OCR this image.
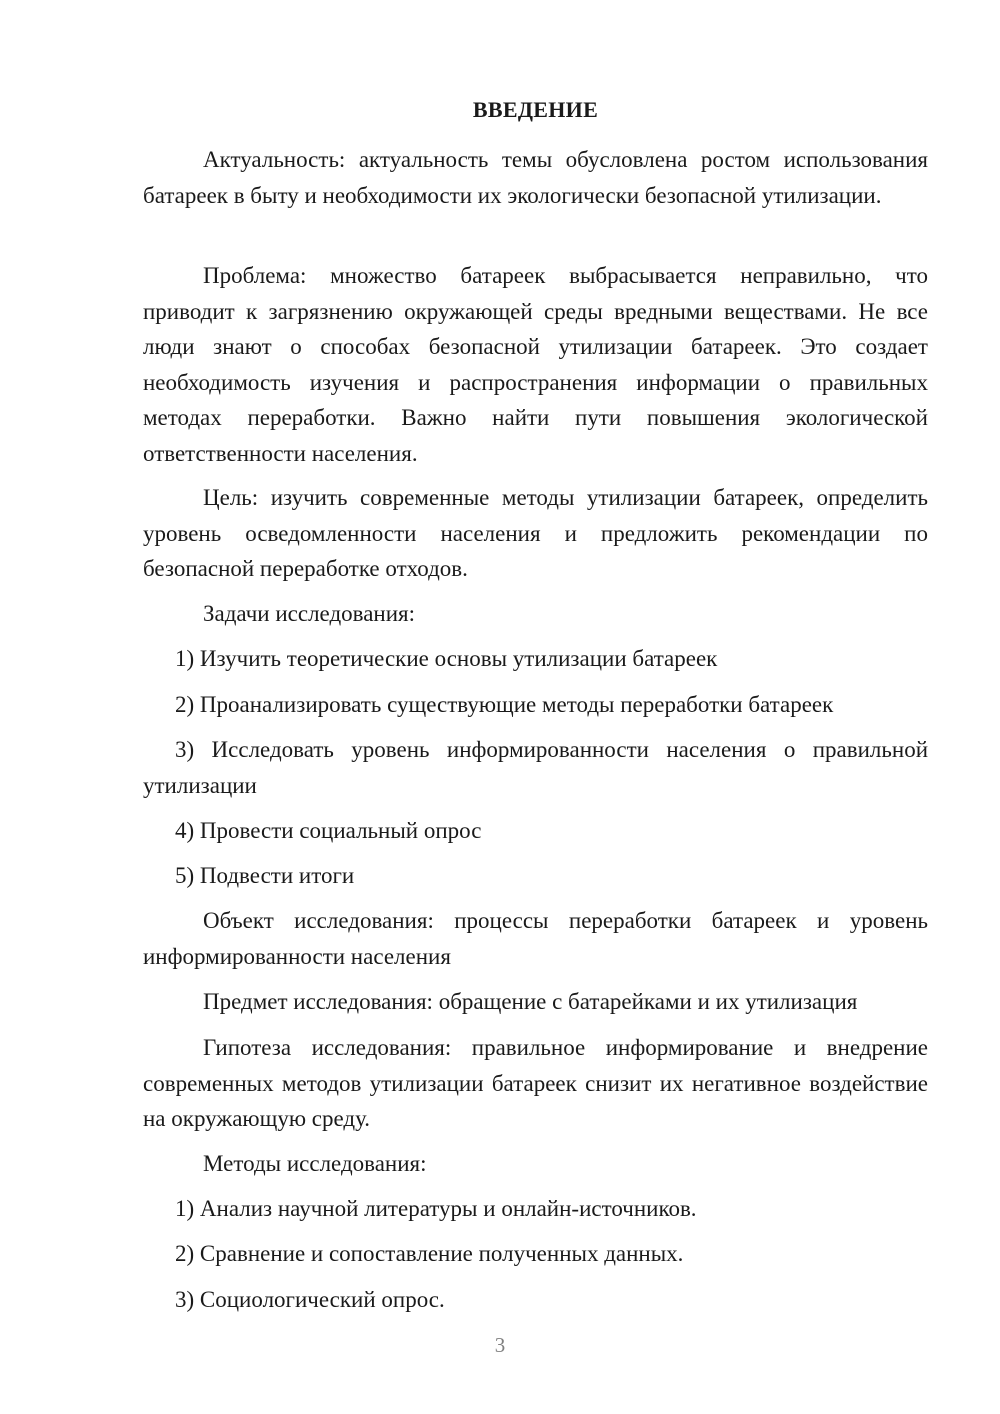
ВВЕДЕНИЕ

Актуальность: актуальность темы обусловлена ростом использования батареек в быту и необходимости их экологически безопасной утилизации.

Проблема: множество батареек выбрасывается неправильно, что приводит к загрязнению окружающей среды вредными веществами. Не все люди знают о способах безопасной утилизации батареек. Это создает необходимость изучения и распространения информации о правильных методах переработки. Важно найти пути повышения экологической ответственности населения.

Цель: изучить современные методы утилизации батареек, определить уровень осведомленности населения и предложить рекомендации по безопасной переработке отходов.

Задачи исследования:

1) Изучить теоретические основы утилизации батареек

2) Проанализировать существующие методы переработки батареек

3) Исследовать уровень информированности населения о правильной утилизации

4) Провести социальный опрос

5) Подвести итоги

Объект исследования: процессы переработки батареек и уровень информированности населения

Предмет исследования: обращение с батарейками и их утилизация

Гипотеза исследования: правильное информирование и внедрение современных методов утилизации батареек снизит их негативное воздействие на окружающую среду.

Методы исследования:

1) Анализ научной литературы и онлайн-источников.

2) Сравнение и сопоставление полученных данных.

3) Социологический опрос.

3
